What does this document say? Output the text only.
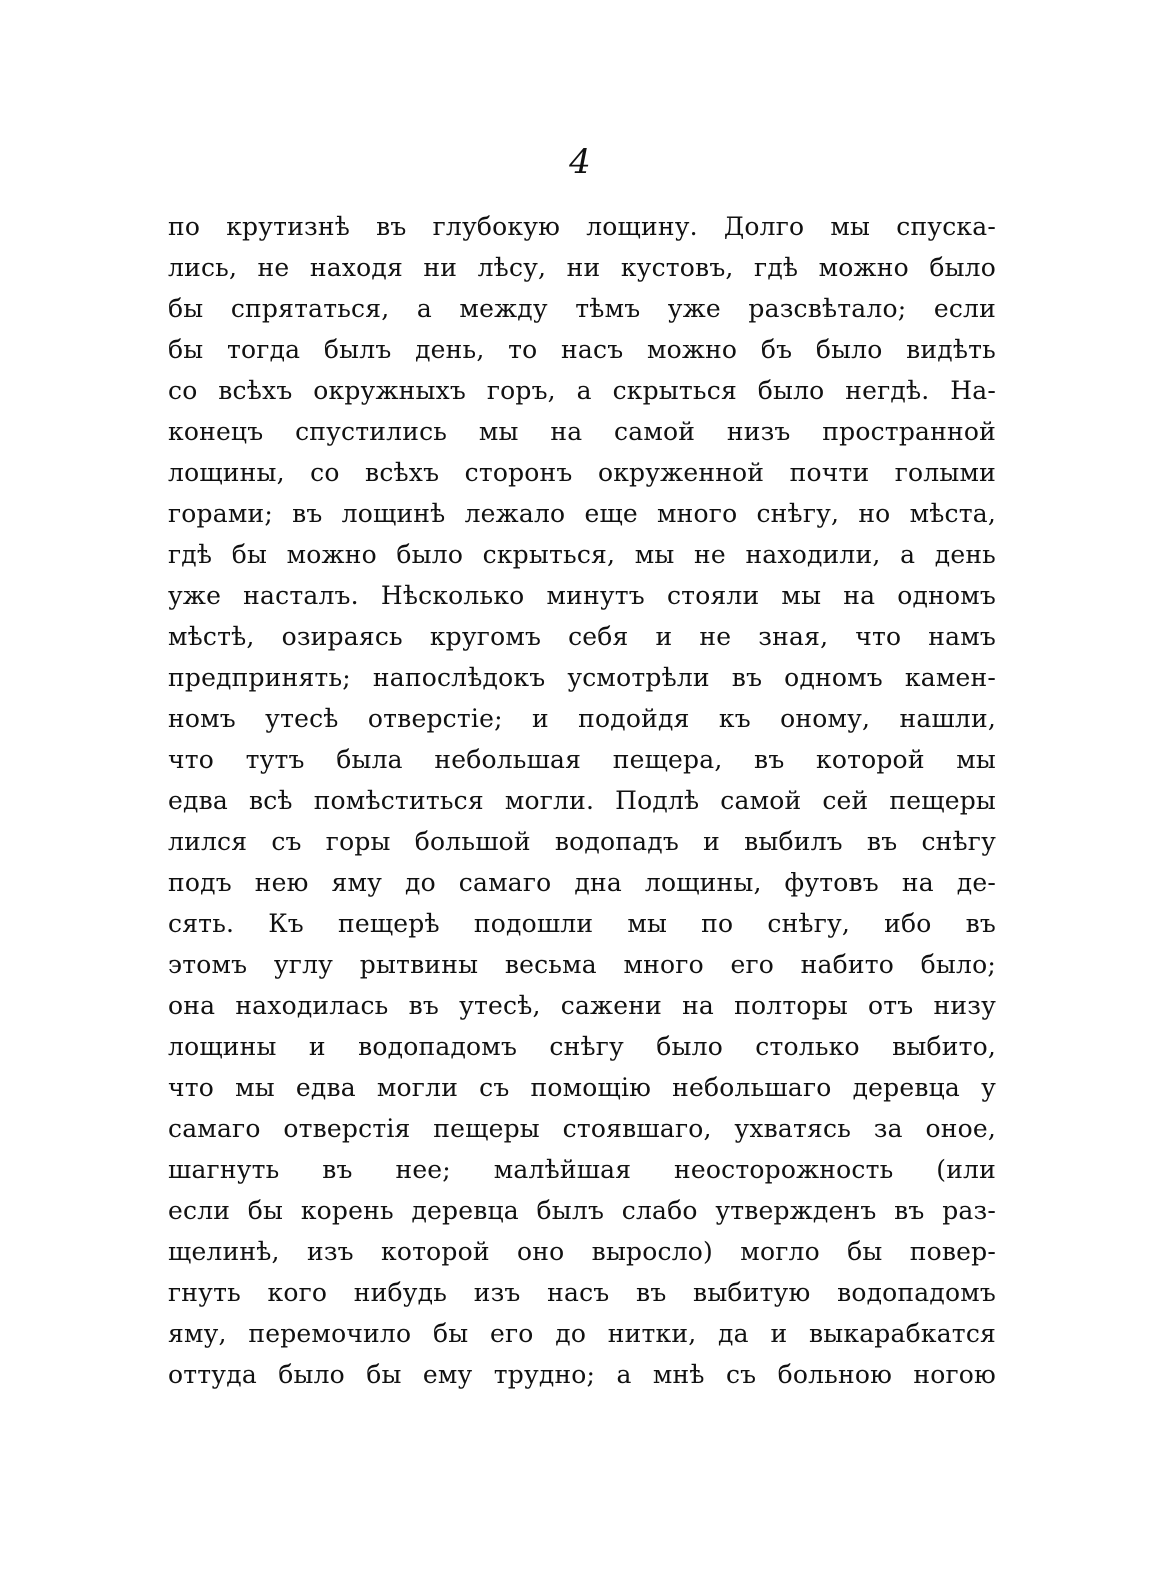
4
по крутизнѣ въ глубокую лощину. Долго мы спуска-
лись, не находя ни лѣсу, ни кустовъ, гдѣ можно было
бы спрятаться, а между тѣмъ уже разсвѣтало; если
бы тогда былъ день, то насъ можно бъ было видѣть
со всѣхъ окружныхъ горъ, а скрыться было негдѣ. На-
конецъ спустились мы на самой низъ пространной
лощины, со всѣхъ сторонъ окруженной почти голыми
горами; въ лощинѣ лежало еще много снѣгу, но мѣста,
гдѣ бы можно было скрыться, мы не находили, а день
уже насталъ. Нѣсколько минутъ стояли мы на одномъ
мѣстѣ, озираясь кругомъ себя и не зная, что намъ
предпринять; напослѣдокъ усмотрѣли въ одномъ камен-
номъ утесѣ отверстіе; и подойдя къ оному, нашли,
что тутъ была небольшая пещера, въ которой мы
едва всѣ помѣститься могли. Подлѣ самой сей пещеры
лился съ горы большой водопадъ и выбилъ въ снѣгу
подъ нею яму до самаго дна лощины, футовъ на де-
сять. Къ пещерѣ подошли мы по снѣгу, ибо въ
этомъ углу рытвины весьма много его набито было;
она находилась въ утесѣ, сажени на полторы отъ низу
лощины и водопадомъ снѣгу было столько выбито,
что мы едва могли съ помощію небольшаго деревца у
самаго отверстія пещеры стоявшаго, ухватясь за оное,
шагнуть въ нее; малѣйшая неосторожность (или
если бы корень деревца былъ слабо утвержденъ въ раз-
щелинѣ, изъ которой оно выросло) могло бы повер-
гнуть кого нибудь изъ насъ въ выбитую водопадомъ
яму, перемочило бы его до нитки, да и выкарабкатся
оттуда было бы ему трудно; а мнѣ съ больною ногою
